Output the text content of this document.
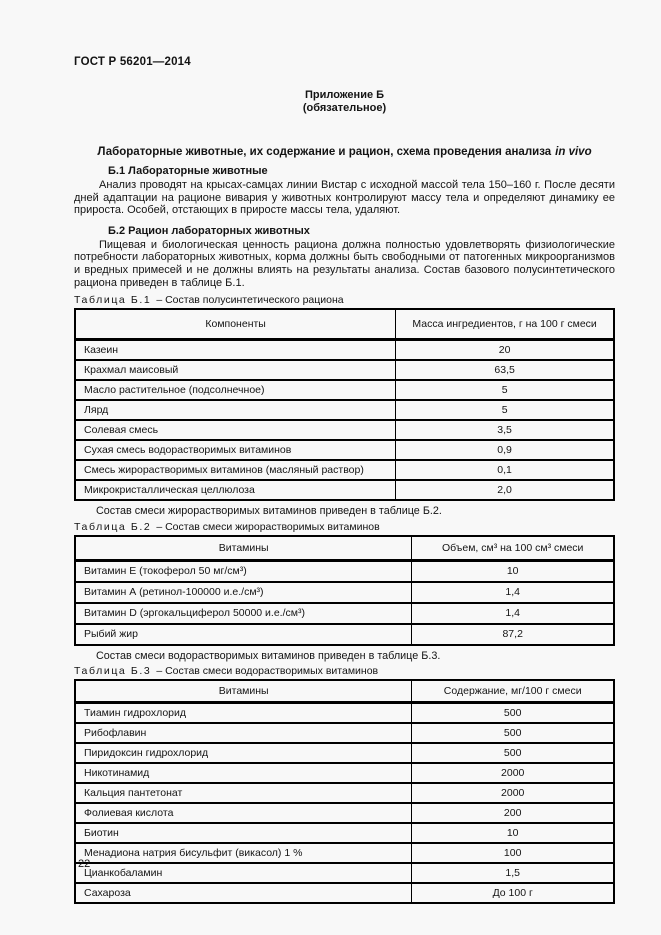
ГОСТ Р 56201—2014
Приложение Б
(обязательное)
Лабораторные животные, их содержание и рацион, схема проведения анализа in vivo
Б.1 Лабораторные животные

Анализ проводят на крысах-самцах линии Вистар с исходной массой тела 150–160 г. После десяти дней адаптации на рационе вивария у животных контролируют массу тела и определяют динамику ее прироста. Особей, отстающих в приросте массы тела, удаляют.

Б.2 Рацион лабораторных животных

Пищевая и биологическая ценность рациона должна полностью удовлетворять физиологические потребности лабораторных животных, корма должны быть свободными от патогенных микроорганизмов и вредных примесей и не должны влиять на результаты анализа. Состав базового полусинтетического рациона приведен в таблице Б.1.

Таблица Б.1 – Состав полусинтетического рациона
Компоненты	Масса ингредиентов, г на 100 г смеси
Казеин	20
Крахмал маисовый	63,5
Масло растительное (подсолнечное)	5
Лярд	5
Солевая смесь	3,5
Сухая смесь водорастворимых витаминов	0,9
Смесь жирорастворимых витаминов (масляный раствор)	0,1
Микрокристаллическая целлюлоза	2,0

Состав смеси жирорастворимых витаминов приведен в таблице Б.2.

Таблица Б.2 – Состав смеси жирорастворимых витаминов
Витамины	Объем, см³ на 100 см³ смеси
Витамин Е (токоферол 50 мг/см³)	10
Витамин А (ретинол-100000 и.е./см³)	1,4
Витамин D (эргокальциферол 50000 и.е./см³)	1,4
Рыбий жир	87,2

Состав смеси водорастворимых витаминов приведен в таблице Б.3.

Таблица Б.3 – Состав смеси водорастворимых витаминов
Витамины	Содержание, мг/100 г смеси
Тиамин гидрохлорид	500
Рибофлавин	500
Пиридоксин гидрохлорид	500
Никотинамид	2000
Кальция пантетонат	2000
Фолиевая кислота	200
Биотин	10
Менадиона натрия бисульфит (викасол) 1 %	100
Цианкобаламин	1,5
Сахароза	До 100 г
22
